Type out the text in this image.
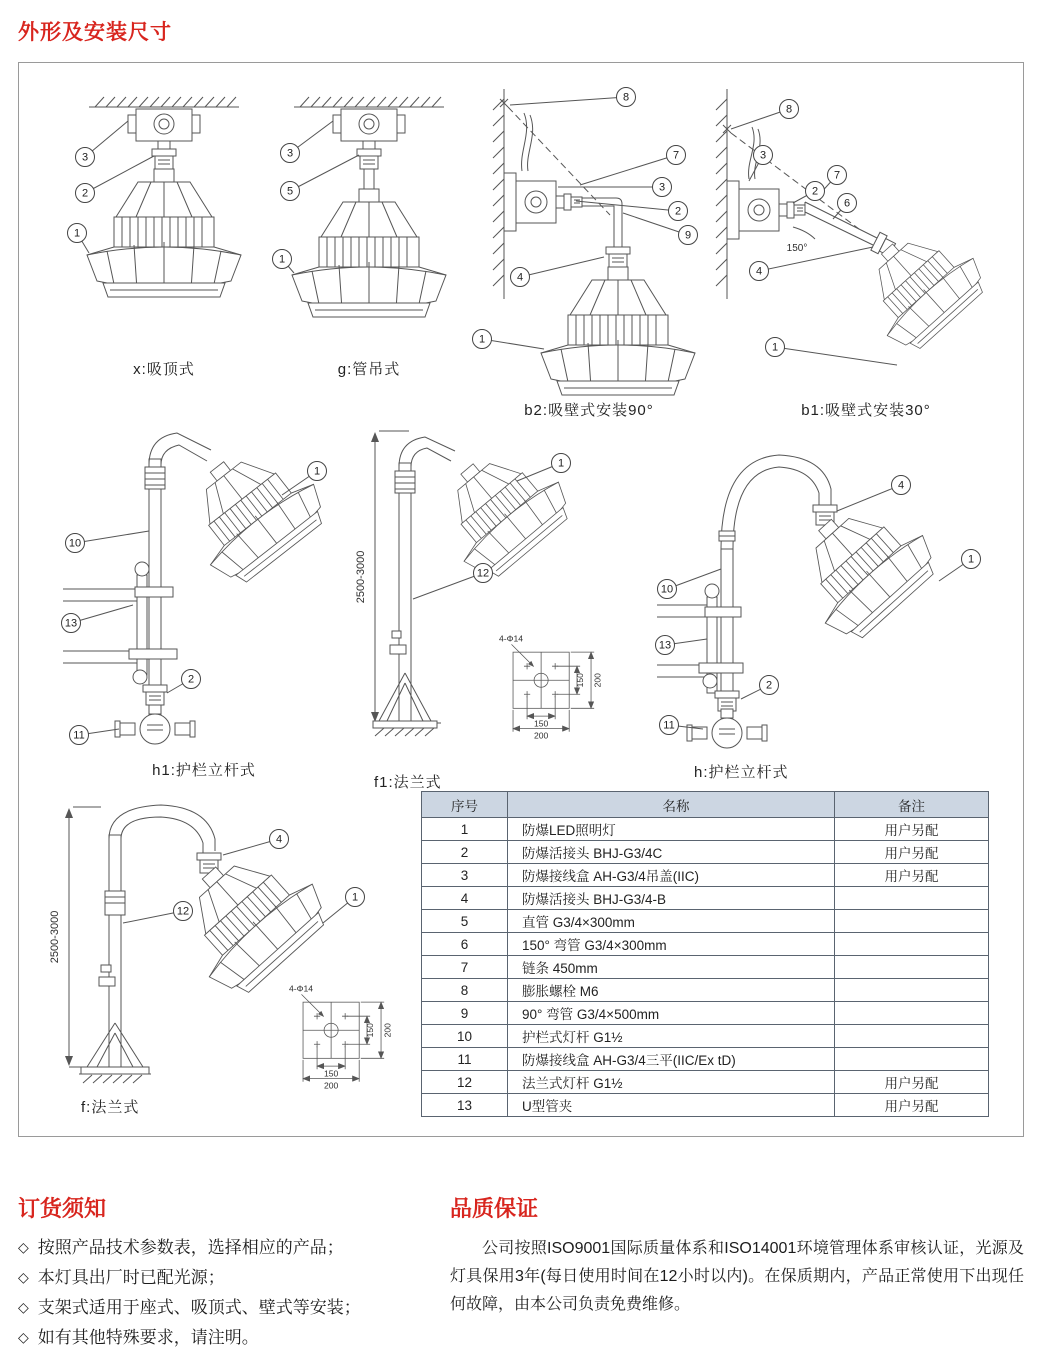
外形及安装尺寸
3
2
1
x:吸顶式
3
5
1
g:管吊式
8
7
3
2
9
4
1
b2:吸壁式安装90°
150°
8
3
7
2
6
4
1
b1:吸壁式安装30°
1
10
13
2
11
h1:护栏立杆式
2500-3000
1
12
f1:法兰式
4
1
10
13
2
11
h:护栏立杆式
2500-3000
4
1
12
f:法兰式
序号	名称	备注
1	防爆LED照明灯	用户另配
2	防爆活接头 BHJ-G3/4C	用户另配
3	防爆接线盒 AH-G3/4吊盖(IIC)	用户另配
4	防爆活接头 BHJ-G3/4-B	
5	直管 G3/4×300mm	
6	150° 弯管 G3/4×300mm	
7	链条 450mm	
8	膨胀螺栓 M6	
9	90° 弯管 G3/4×500mm	
10	护栏式灯杆 G1½	
11	防爆接线盒 AH-G3/4三平(IIC/Ex tD)	
12	法兰式灯杆 G1½	用户另配
13	U型管夹	用户另配
订货须知
◇ 按照产品技术参数表，选择相应的产品；
◇ 本灯具出厂时已配光源；
◇ 支架式适用于座式、吸顶式、壁式等安装；
◇ 如有其他特殊要求，请注明。
品质保证

公司按照ISO9001国际质量体系和ISO14001环境管理体系审核认证，光源及灯具保用3年(每日使用时间在12小时以内)。在保质期内，产品正常使用下出现任何故障，由本公司负责免费维修。
